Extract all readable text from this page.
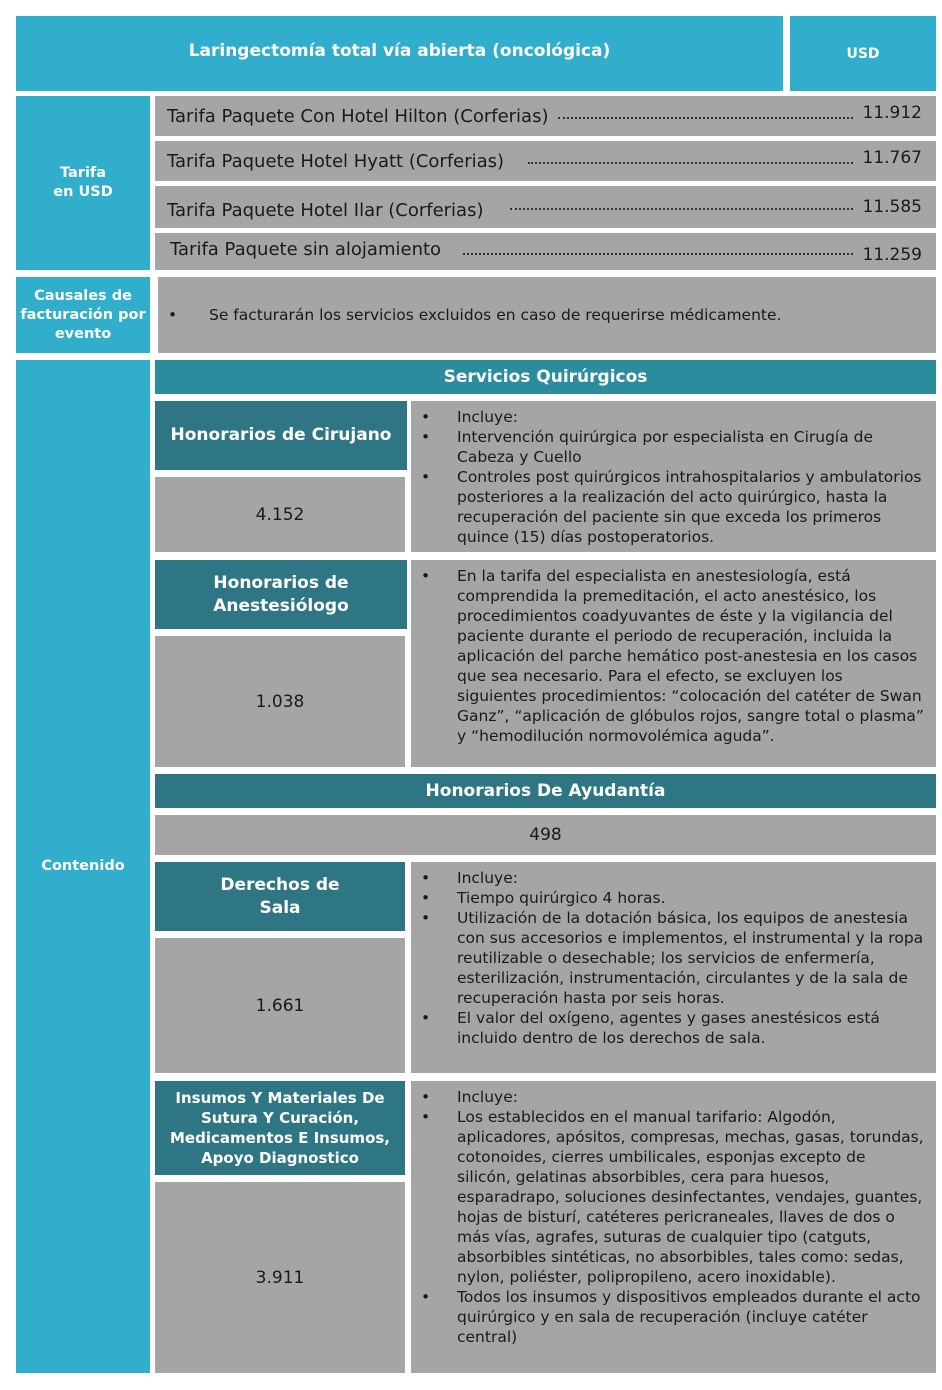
Laringectomía total vía abierta (oncológica)	USD
Tarifa
en USD
Tarifa Paquete Con Hotel Hilton (Corferias)	11.912
Tarifa Paquete Hotel Hyatt (Corferias)	11.767
Tarifa Paquete Hotel Ilar (Corferias)	11.585
Tarifa Paquete sin alojamiento	11.259
Causales de facturación por evento
• Se facturarán los servicios excluidos en caso de requerirse médicamente.
Contenido
Servicios Quirúrgicos
Honorarios de Cirujano
4.152
• Incluye:
• Intervención quirúrgica por especialista en Cirugía de Cabeza y Cuello
• Controles post quirúrgicos intrahospitalarios y ambulatorios posteriores a la realización del acto quirúrgico, hasta la recuperación del paciente sin que exceda los primeros quince (15) días postoperatorios.
Honorarios de Anestesiólogo
1.038
• En la tarifa del especialista en anestesiología, está comprendida la premeditación, el acto anestésico, los procedimientos coadyuvantes de éste y la vigilancia del paciente durante el periodo de recuperación, incluida la aplicación del parche hemático post-anestesia en los casos que sea necesario. Para el efecto, se excluyen los siguientes procedimientos: “colocación del catéter de Swan Ganz”, “aplicación de glóbulos rojos, sangre total o plasma” y “hemodilución normovolémica aguda”.
Honorarios De Ayudantía
498
Derechos de Sala
1.661
• Incluye:
• Tiempo quirúrgico 4 horas.
• Utilización de la dotación básica, los equipos de anestesia con sus accesorios e implementos, el instrumental y la ropa reutilizable o desechable; los servicios de enfermería, esterilización, instrumentación, circulantes y de la sala de recuperación hasta por seis horas.
• El valor del oxígeno, agentes y gases anestésicos está incluido dentro de los derechos de sala.
Insumos Y Materiales De Sutura Y Curación, Medicamentos E Insumos, Apoyo Diagnostico
3.911
• Incluye:
• Los establecidos en el manual tarifario: Algodón, aplicadores, apósitos, compresas, mechas, gasas, torundas, cotonoides, cierres umbilicales, esponjas excepto de silicón, gelatinas absorbibles, cera para huesos, esparadrapo, soluciones desinfectantes, vendajes, guantes, hojas de bisturí, catéteres pericraneales, llaves de dos o más vías, agrafes, suturas de cualquier tipo (catguts, absorbibles sintéticas, no absorbibles, tales como: sedas, nylon, poliéster, polipropileno, acero inoxidable).
• Todos los insumos y dispositivos empleados durante el acto quirúrgico y en sala de recuperación (incluye catéter central)
